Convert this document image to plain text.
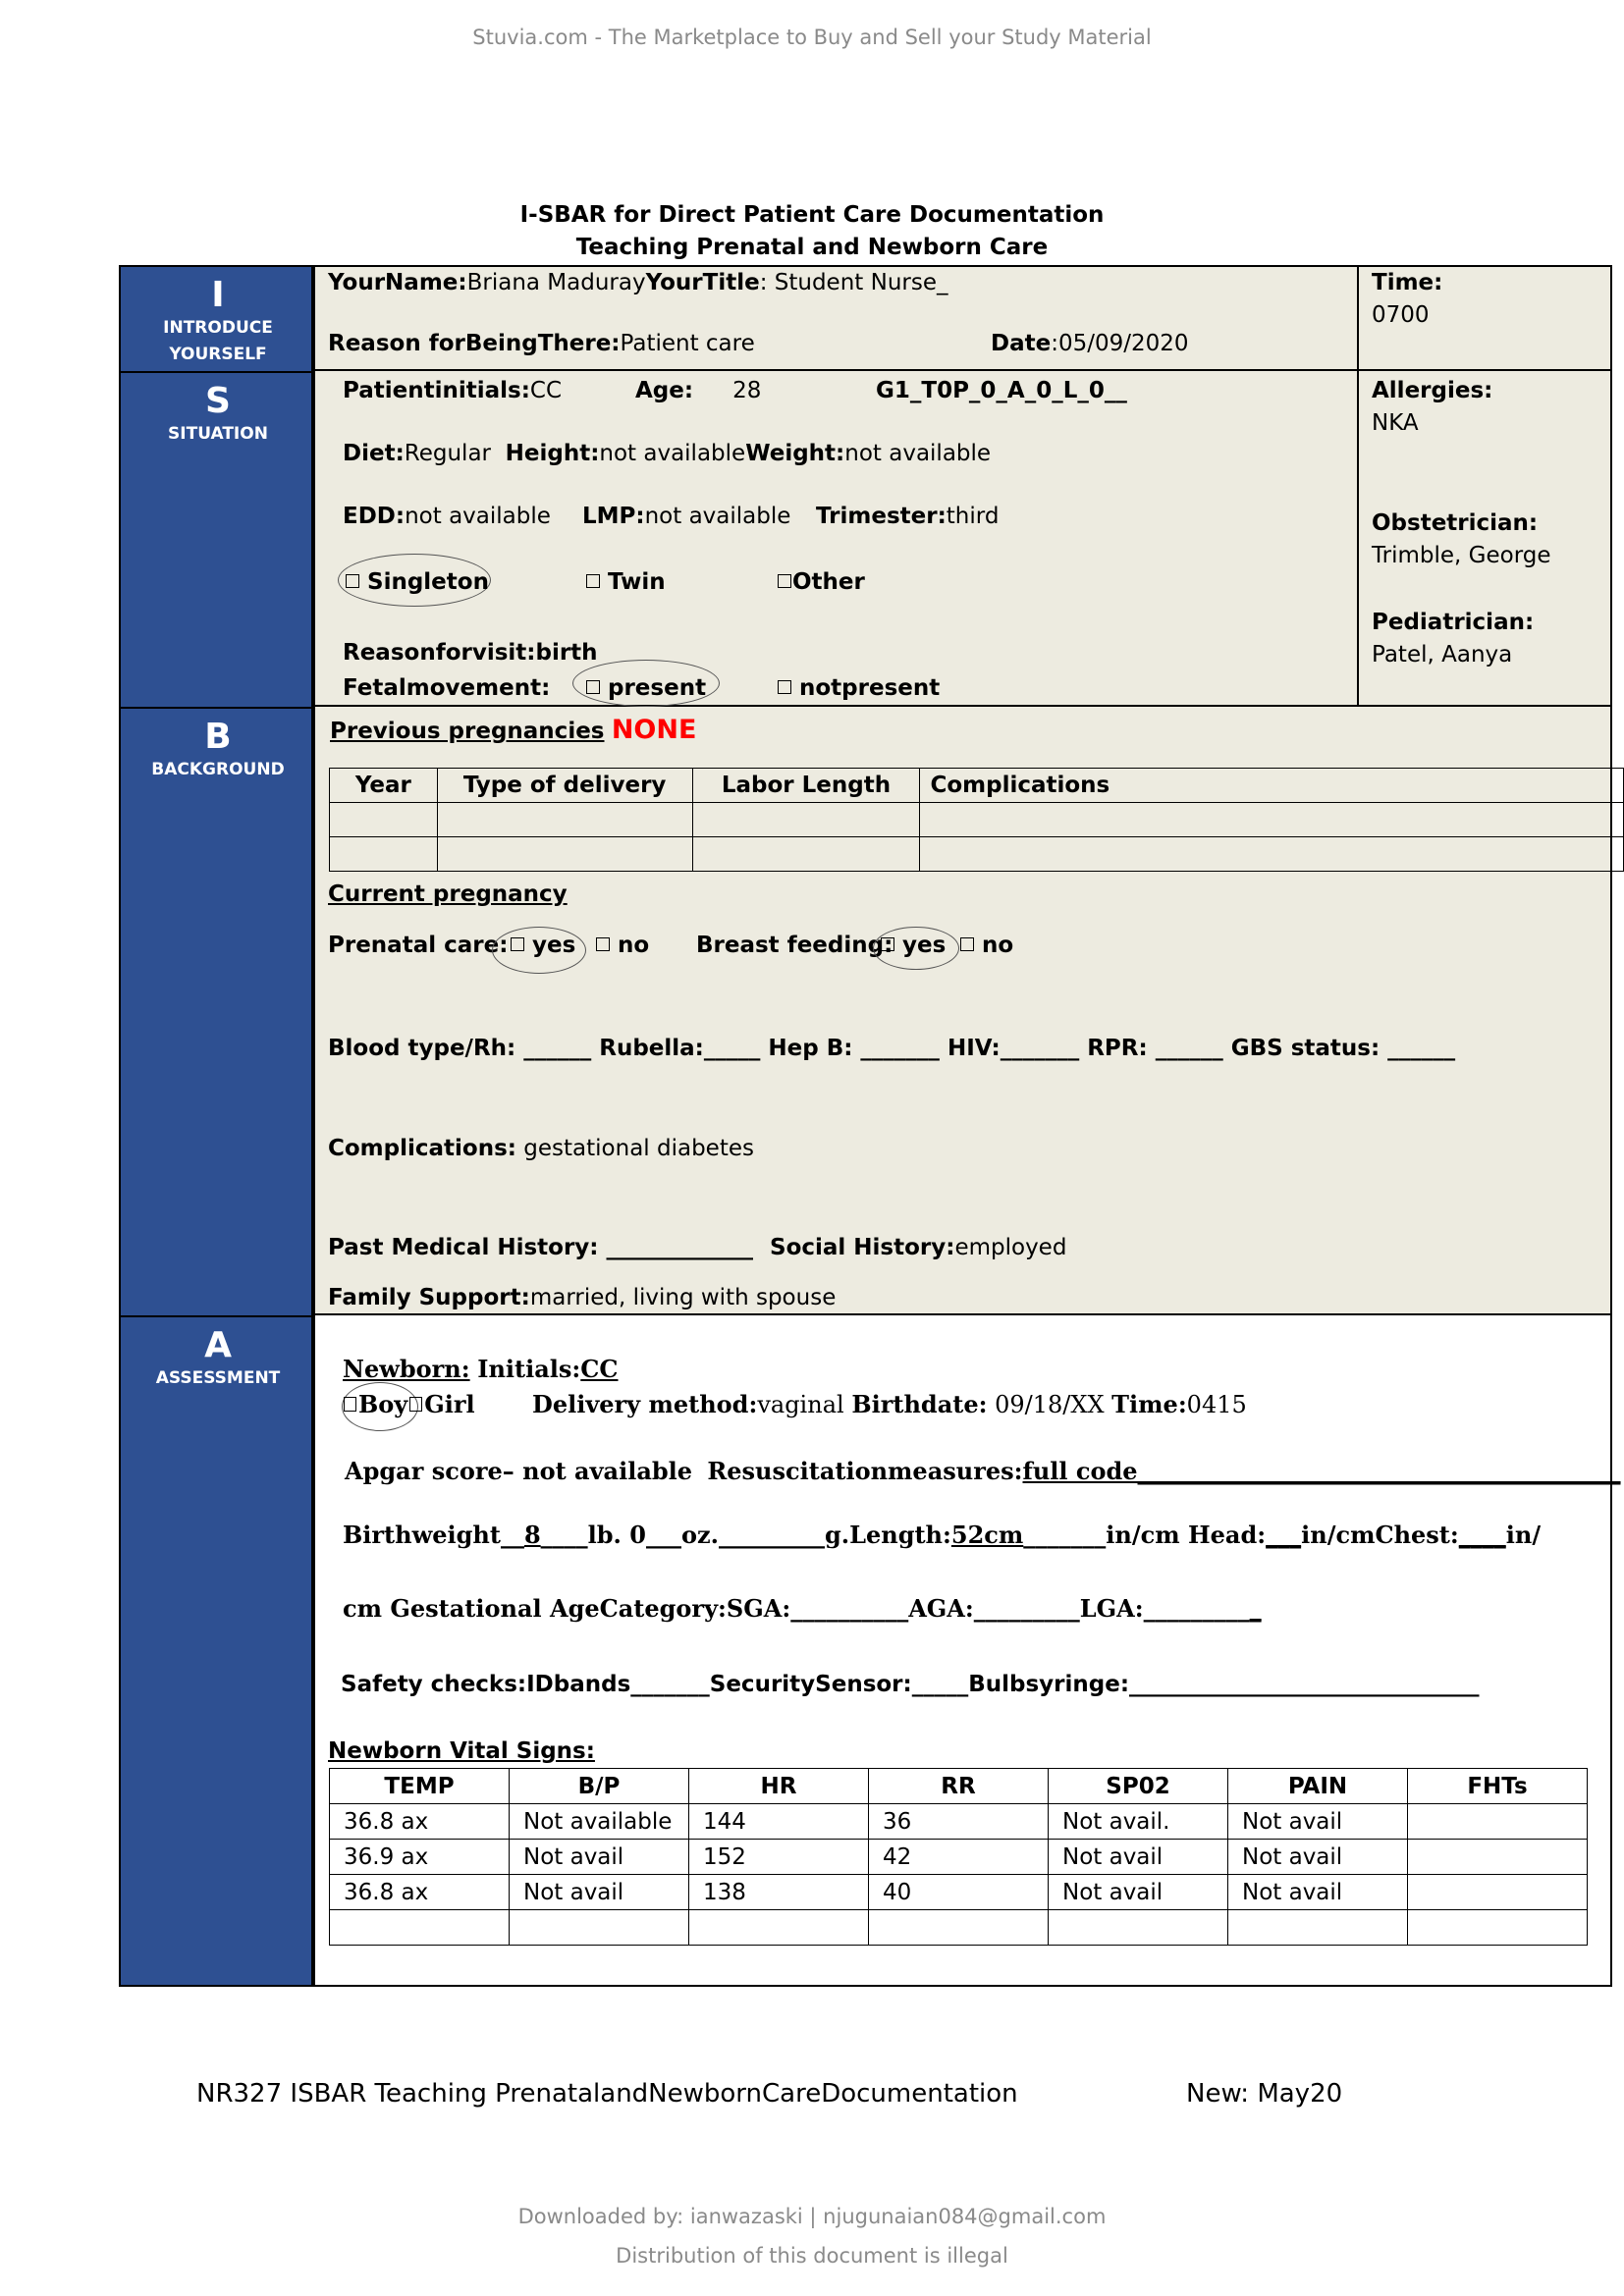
Stuvia.com - The Marketplace to Buy and Sell your Study Material
I-SBAR for Direct Patient Care Documentation
Teaching Prenatal and Newborn Care
I
INTRODUCE
YOURSELF
S
SITUATION
B
BACKGROUND
A
ASSESSMENT
YourName:Briana MadurayYourTitle: Student Nurse_
Reason forBeingThere:Patient care	Date:05/09/2020
Time:
0700
Patientinitials:CC	Age: 28	G1_T0P_0_A_0_L_0__
Diet:Regular Height:not availableWeight:not available
EDD:not available LMP:not available Trimester:third
Singleton	Twin	Other
Reasonforvisit:birth
Fetalmovement:	present	notpresent
Allergies:
NKA
Obstetrician:
Trimble, George
Pediatrician:
Patel, Aanya
Previous pregnancies NONE
Year	Type of delivery	Labor Length	Complications

Current pregnancy
Prenatal care:	yes	no Breast feeding: yes	no
Blood type/Rh: ______ Rubella:_____ Hep B: _______ HIV:_______ RPR: ______ GBS status: ______
Complications: gestational diabetes
Past Medical History: _____________ Social History:employed
Family Support:married, living with spouse
Newborn: Initials:CC
Boy Girl Delivery method:vaginal Birthdate: 09/18/XX Time:0415
Apgar score– not available Resuscitationmeasures:full code_________________________________________
Birthweight__8____lb. 0___oz._________g.Length:52cm_______in/cm Head:___in/cmChest:____in/
cm Gestational AgeCategory:SGA:__________AGA:_________LGA:__________
Safety checks:IDbands_______SecuritySensor:_____Bulbsyringe:_______________________________
Newborn Vital Signs:
TEMP	B/P	HR	RR	SP02	PAIN	FHTs
36.8 ax	Not available	144	36	Not avail.	Not avail	
36.9 ax	Not avail	152	42	Not avail	Not avail	
36.8 ax	Not avail	138	40	Not avail	Not avail	

NR327 ISBAR Teaching PrenatalandNewbornCareDocumentation	New: May20
Downloaded by: ianwazaski | njugunaian084@gmail.com
Distribution of this document is illegal
